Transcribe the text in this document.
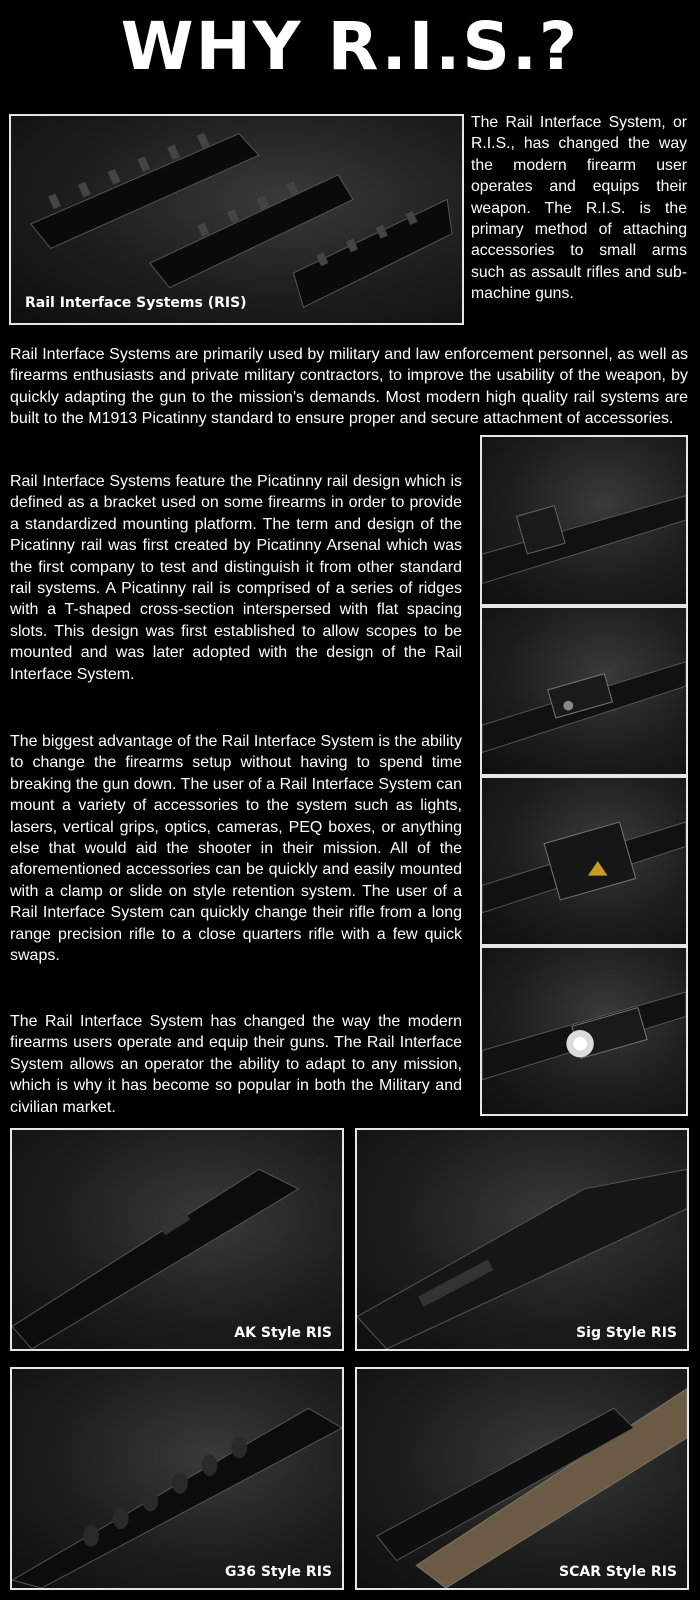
WHY R.I.S.?
Rail Interface Systems (RIS)
The Rail Interface System, or R.I.S., has changed the way the modern firearm user operates and equips their weapon. The R.I.S. is the primary method of attaching accessories to small arms such as assault rifles and sub-machine guns.
Rail Interface Systems are primarily used by military and law enforcement personnel, as well as firearms enthusiasts and private military contractors, to improve the usability of the weapon, by quickly adapting the gun to the mission's demands. Most modern high quality rail systems are built to the M1913 Picatinny standard to ensure proper and secure attachment of accessories.
Rail Interface Systems feature the Picatinny rail design which is defined as a bracket used on some firearms in order to provide a standardized mounting platform. The term and design of the Picatinny rail was first created by Picatinny Arsenal which was the first company to test and distinguish it from other standard rail systems. A Picatinny rail is comprised of a series of ridges with a T-shaped cross-section interspersed with flat spacing slots. This design was first established to allow scopes to be mounted and was later adopted with the design of the Rail Interface System.
The biggest advantage of the Rail Interface System is the ability to change the firearms setup without having to spend time breaking the gun down. The user of a Rail Interface System can mount a variety of accessories to the system such as lights, lasers, vertical grips, optics, cameras, PEQ boxes, or anything else that would aid the shooter in their mission. All of the aforementioned accessories can be quickly and easily mounted with a clamp or slide on style retention system. The user of a Rail Interface System can quickly change their rifle from a long range precision rifle to a close quarters rifle with a few quick swaps.
The Rail Interface System has changed the way the modern firearms users operate and equip their guns. The Rail Interface System allows an operator the ability to adapt to any mission, which is why it has become so popular in both the Military and civilian market.
AK Style RIS	Sig Style RIS
G36 Style RIS	SCAR Style RIS
